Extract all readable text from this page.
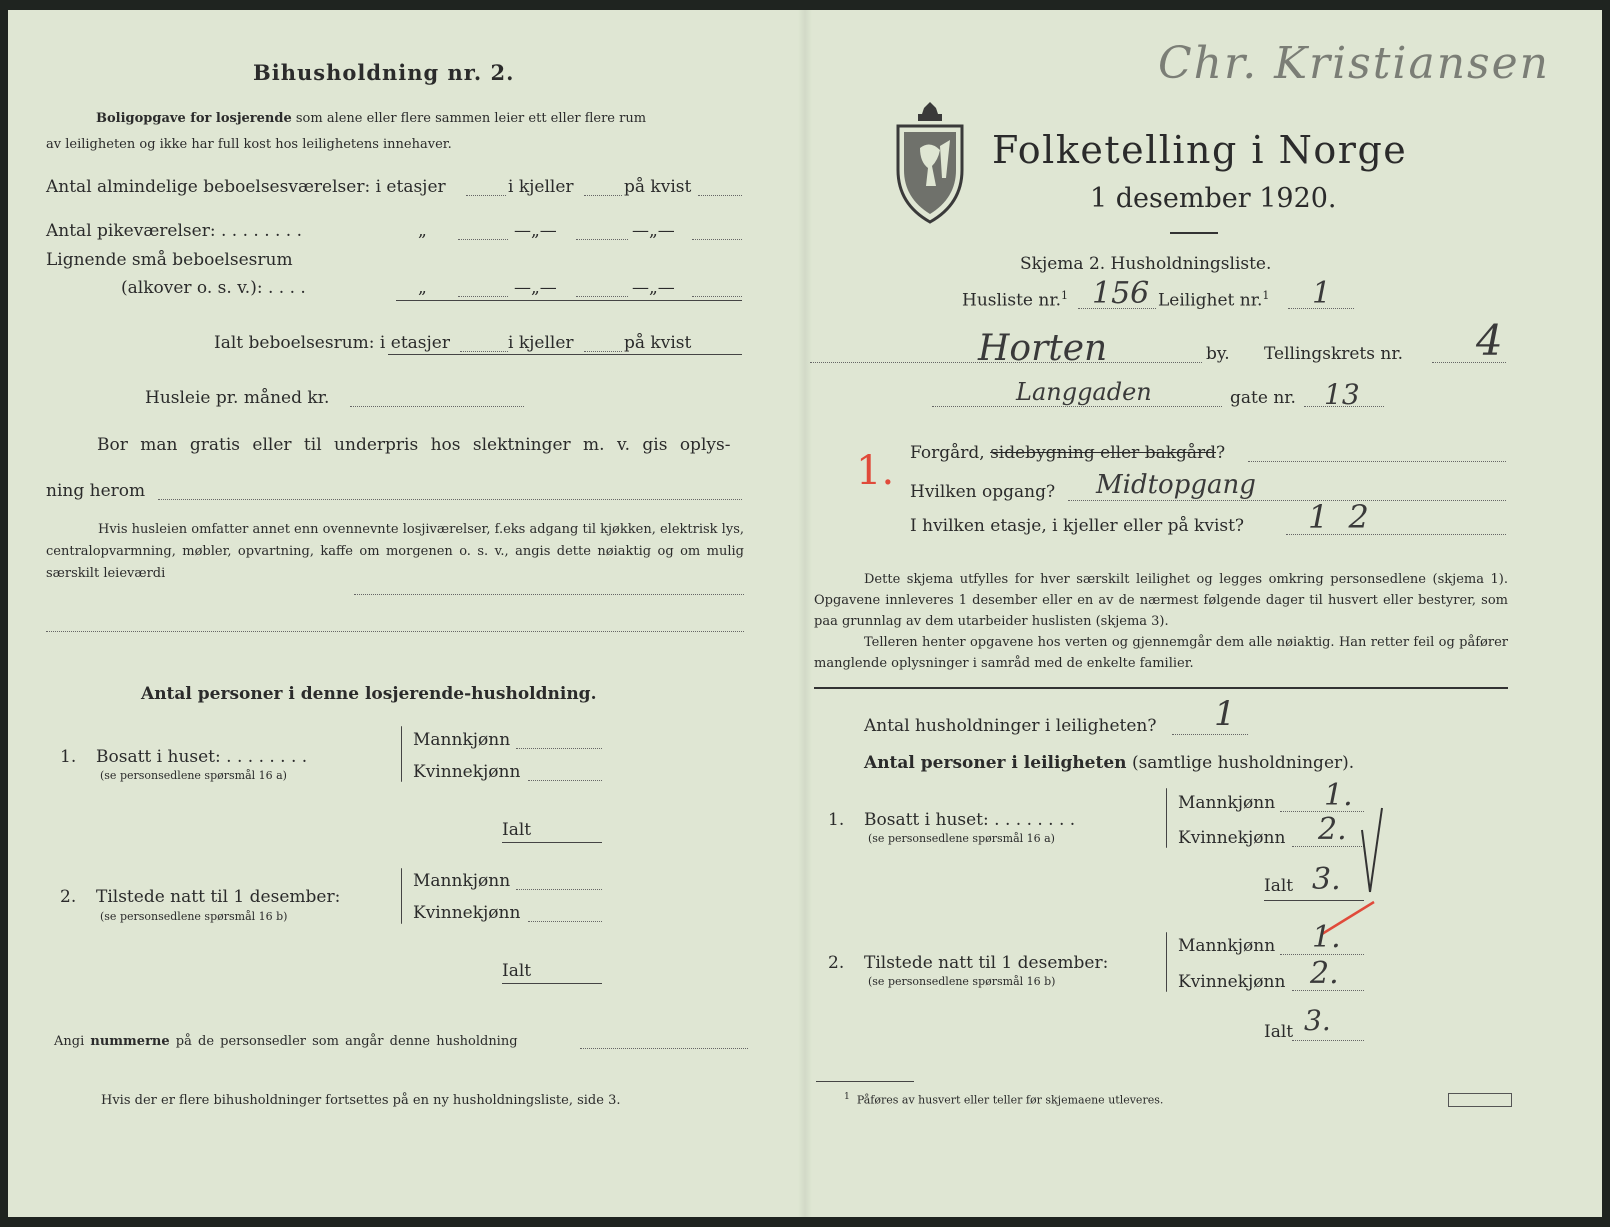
Bihusholdning nr. 2.
Boligopgave for losjerende som alene eller flere sammen leier ett eller flere rum
av leiligheten og ikke har full kost hos leilighetens innehaver.
Antal almindelige beboelsesværelser: i etasjer	i kjeller	på kvist
Antal pikeværelser: . . . . . . . .	„	—„—	—„—
Lignende små beboelsesrum
(alkover o. s. v.): . . . .	„	—„—	—„—
Ialt beboelsesrum: i etasjer	i kjeller	på kvist
Husleie pr. måned kr.
Bor man gratis eller til underpris hos slektninger m. v. gis oplys-
ning herom
Hvis husleien omfatter annet enn ovennevnte losjiværelser, f.eks adgang til kjøkken, elektrisk lys, centralopvarmning, møbler, opvartning, kaffe om morgenen o. s. v., angis dette nøiaktig og om mulig særskilt leieværdi
Antal personer i denne losjerende-husholdning.
1. Bosatt i huset: . . . . . . . .
(se personsedlene spørsmål 16 a)
Mannkjønn
Kvinnekjønn
Ialt
2. Tilstede natt til 1 desember:
(se personsedlene spørsmål 16 b)
Mannkjønn
Kvinnekjønn
Ialt
Angi nummerne på de personsedler som angår denne husholdning
Hvis der er flere bihusholdninger fortsettes på en ny husholdningsliste, side 3.
Chr. Kristiansen
Folketelling i Norge
1 desember 1920.
Skjema 2. Husholdningsliste.
Husliste nr.$^1$ 156 Leilighet nr.$^1$ 1
Horten	by. Tellingskrets nr. 4
Langgaden	gate nr. 13
Forgård, sidebygning eller bakgård?
1. Hvilken opgang? Midtopgang
I hvilken etasje, i kjeller eller på kvist? 1 2
Dette skjema utfylles for hver særskilt leilighet og legges omkring personsedlene (skjema 1). Opgavene innleveres 1 desember eller en av de nærmest følgende dager til husvert eller bestyrer, som paa grunnlag av dem utarbeider huslisten (skjema 3).
Telleren henter opgavene hos verten og gjennemgår dem alle nøiaktig. Han retter feil og påfører manglende oplysninger i samråd med de enkelte familier.
Antal husholdninger i leiligheten? 1
Antal personer i leiligheten (samtlige husholdninger).
1. Bosatt i huset: . . . . . . . .
(se personsedlene spørsmål 16 a)
Mannkjønn 1.
Kvinnekjønn 2.
Ialt 3.
2. Tilstede natt til 1 desember:
(se personsedlene spørsmål 16 b)
Mannkjønn 1.
Kvinnekjønn 2.
Ialt 3.
$^1$ Påføres av husvert eller teller før skjemaene utleveres.
